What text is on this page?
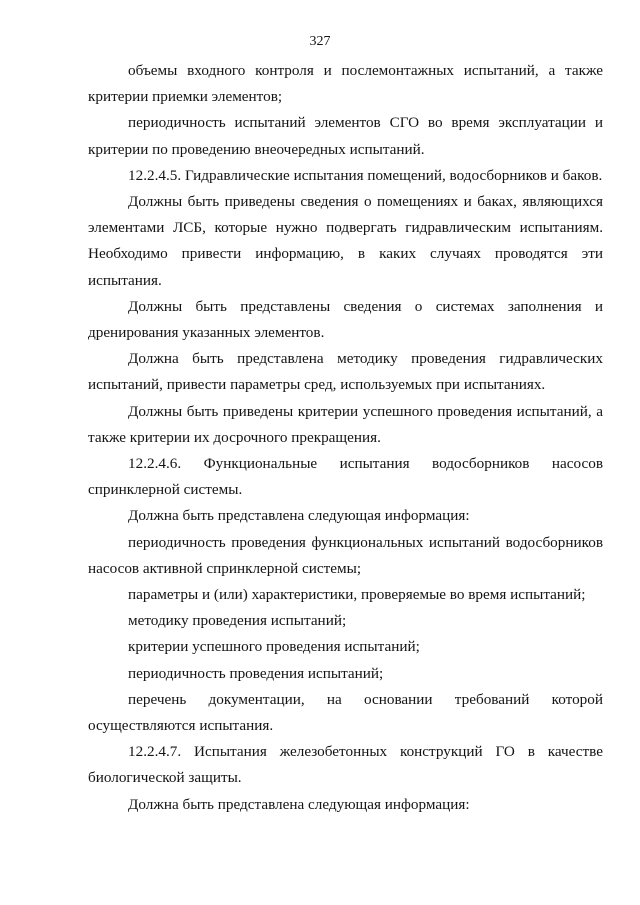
327

объемы входного контроля и послемонтажных испытаний, а также критерии приемки элементов;

периодичность испытаний элементов СГО во время эксплуатации и критерии по проведению внеочередных испытаний.

12.2.4.5. Гидравлические испытания помещений, водосборников и баков.

Должны быть приведены сведения о помещениях и баках, являющихся элементами ЛСБ, которые нужно подвергать гидравлическим испытаниям. Необходимо привести информацию, в каких случаях проводятся эти испытания.

Должны быть представлены сведения о системах заполнения и дренирования указанных элементов.

Должна быть представлена методику проведения гидравлических испытаний, привести параметры сред, используемых при испытаниях.

Должны быть приведены критерии успешного проведения испытаний, а также критерии их досрочного прекращения.

12.2.4.6. Функциональные испытания водосборников насосов спринклерной системы.

Должна быть представлена следующая информация:

периодичность проведения функциональных испытаний водосборников насосов активной спринклерной системы;

параметры и (или) характеристики, проверяемые во время испытаний;

методику проведения испытаний;

критерии успешного проведения испытаний;

периодичность проведения испытаний;

перечень документации, на основании требований которой осуществляются испытания.

12.2.4.7. Испытания железобетонных конструкций ГО в качестве биологической защиты.

Должна быть представлена следующая информация:
